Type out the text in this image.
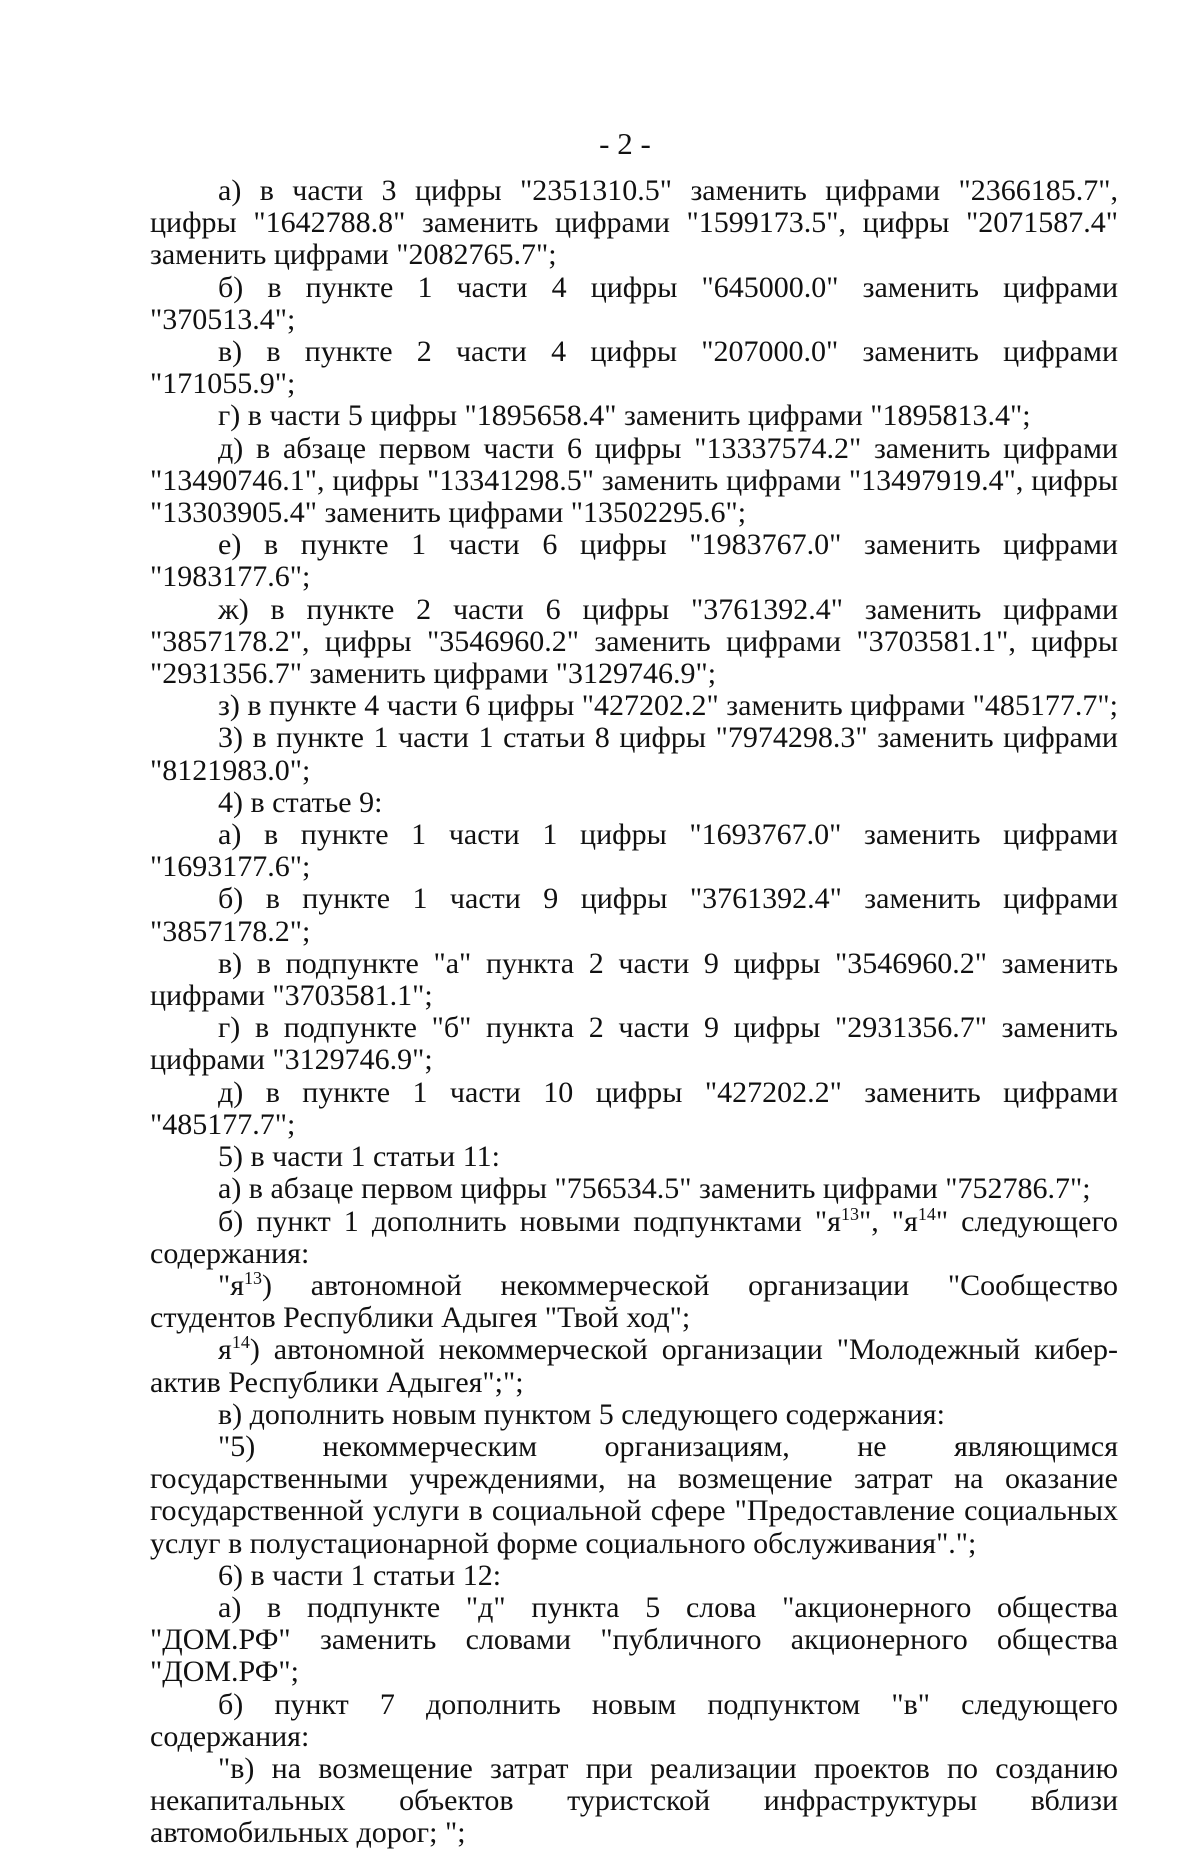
- 2 -

а) в части 3 цифры "2351310.5" заменить цифрами "2366185.7", цифры "1642788.8" заменить цифрами "1599173.5", цифры "2071587.4" заменить цифрами "2082765.7";

б) в пункте 1 части 4 цифры "645000.0" заменить цифрами "370513.4";

в) в пункте 2 части 4 цифры "207000.0" заменить цифрами "171055.9";

г) в части 5 цифры "1895658.4" заменить цифрами "1895813.4";

д) в абзаце первом части 6 цифры "13337574.2" заменить цифрами "13490746.1", цифры "13341298.5" заменить цифрами "13497919.4", цифры "13303905.4" заменить цифрами "13502295.6";

е) в пункте 1 части 6 цифры "1983767.0" заменить цифрами "1983177.6";

ж) в пункте 2 части 6 цифры "3761392.4" заменить цифрами "3857178.2", цифры "3546960.2" заменить цифрами "3703581.1", цифры "2931356.7" заменить цифрами "3129746.9";

з) в пункте 4 части 6 цифры "427202.2" заменить цифрами "485177.7";

3) в пункте 1 части 1 статьи 8 цифры "7974298.3" заменить цифрами "8121983.0";

4) в статье 9:

а) в пункте 1 части 1 цифры "1693767.0" заменить цифрами "1693177.6";

б) в пункте 1 части 9 цифры "3761392.4" заменить цифрами "3857178.2";

в) в подпункте "а" пункта 2 части 9 цифры "3546960.2" заменить цифрами "3703581.1";

г) в подпункте "б" пункта 2 части 9 цифры "2931356.7" заменить цифрами "3129746.9";

д) в пункте 1 части 10 цифры "427202.2" заменить цифрами "485177.7";

5) в части 1 статьи 11:

а) в абзаце первом цифры "756534.5" заменить цифрами "752786.7";

б) пункт 1 дополнить новыми подпунктами "$я^{13}$", "$я^{14}$" следующего содержания:

"$я^{13}$) автономной некоммерческой организации "Сообщество студентов Республики Адыгея "Твой ход";

$я^{14}$) автономной некоммерческой организации "Молодежный кибер-актив Республики Адыгея";";

в) дополнить новым пунктом 5 следующего содержания:

"5) некоммерческим организациям, не являющимся государственными учреждениями, на возмещение затрат на оказание государственной услуги в социальной сфере "Предоставление социальных услуг в полустационарной форме социального обслуживания".";

6) в части 1 статьи 12:

а) в подпункте "д" пункта 5 слова "акционерного общества "ДОМ.РФ" заменить словами "публичного акционерного общества "ДОМ.РФ";

б) пункт 7 дополнить новым подпунктом "в" следующего содержания:

"в) на возмещение затрат при реализации проектов по созданию некапитальных объектов туристской инфраструктуры вблизи автомобильных дорог; ";
